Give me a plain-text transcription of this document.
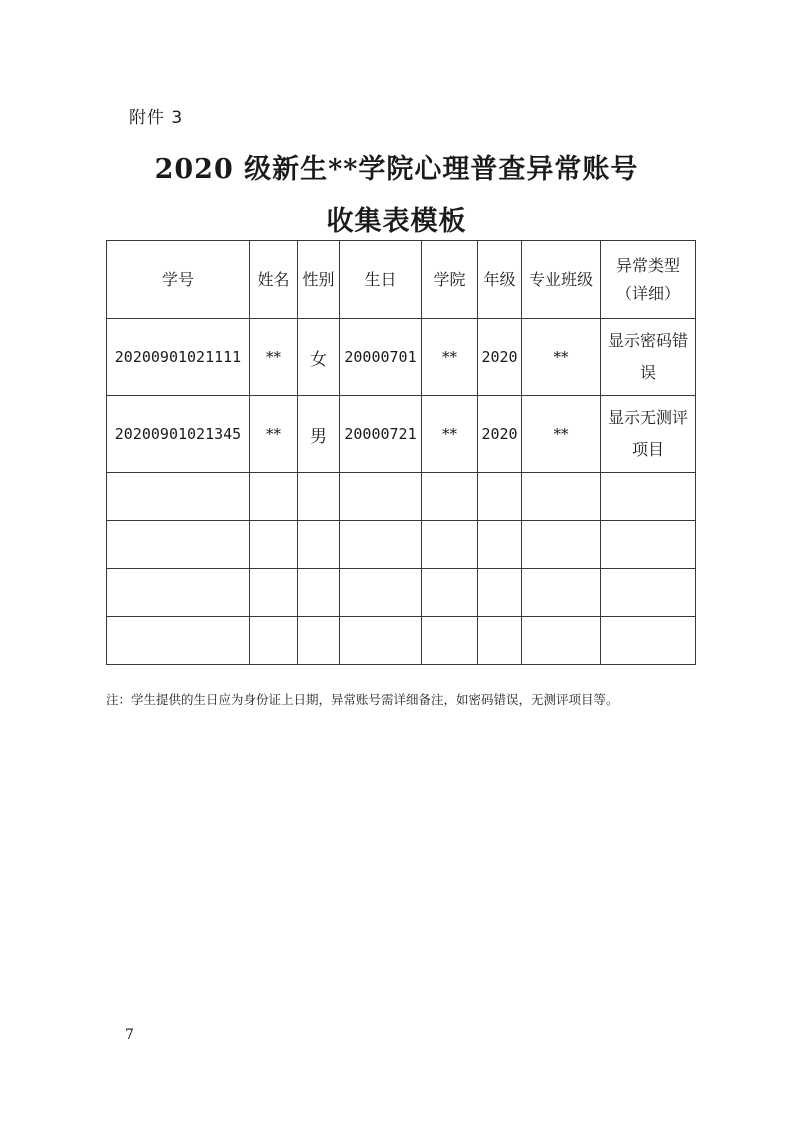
附件 3
2020 级新生**学院心理普查异常账号
收集表模板
学号	姓名	性别	生日	学院	年级	专业班级	异常类型（详细）
20200901021111	**	女	20000701	**	2020	**	显示密码错误
20200901021345	**	男	20000721	**	2020	**	显示无测评项目

注：学生提供的生日应为身份证上日期，异常账号需详细备注，如密码错误，无测评项目等。
7
